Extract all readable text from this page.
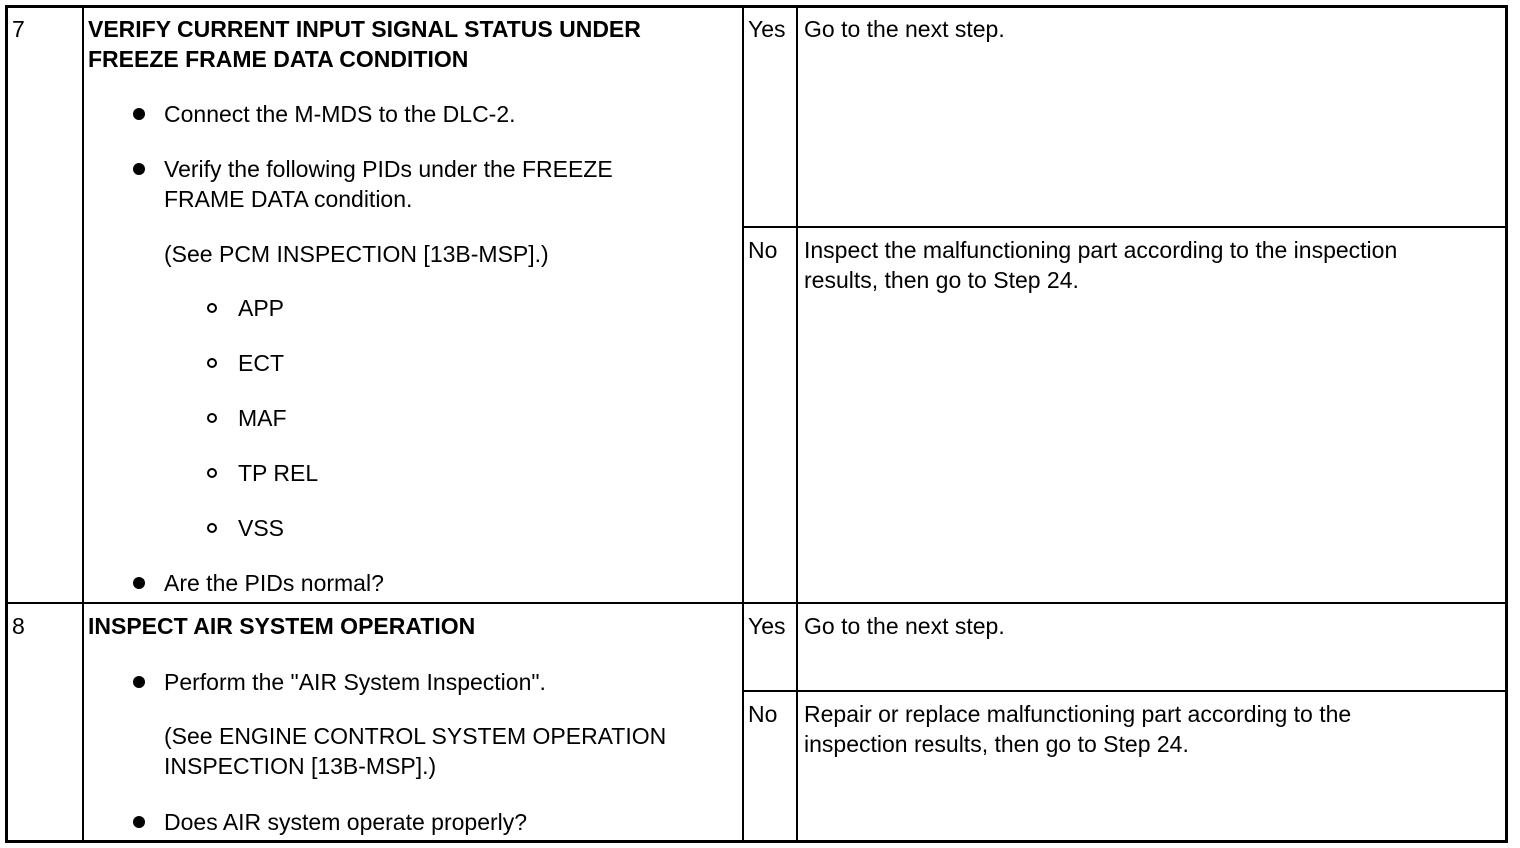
7	VERIFY CURRENT INPUT SIGNAL STATUS UNDER
FREEZE FRAME DATA CONDITION
Connect the M-MDS to the DLC-2.
Verify the following PIDs under the FREEZE
FRAME DATA condition.
(See PCM INSPECTION [13B-MSP].)
APP
ECT
MAF
TP REL
VSS
Are the PIDs normal?
Yes Go to the next step.
No Inspect the malfunctioning part according to the inspection
results, then go to Step 24.
8	INSPECT AIR SYSTEM OPERATION
Perform the "AIR System Inspection".
(See ENGINE CONTROL SYSTEM OPERATION
INSPECTION [13B-MSP].)
Does AIR system operate properly?
Yes Go to the next step.
No Repair or replace malfunctioning part according to the
inspection results, then go to Step 24.
